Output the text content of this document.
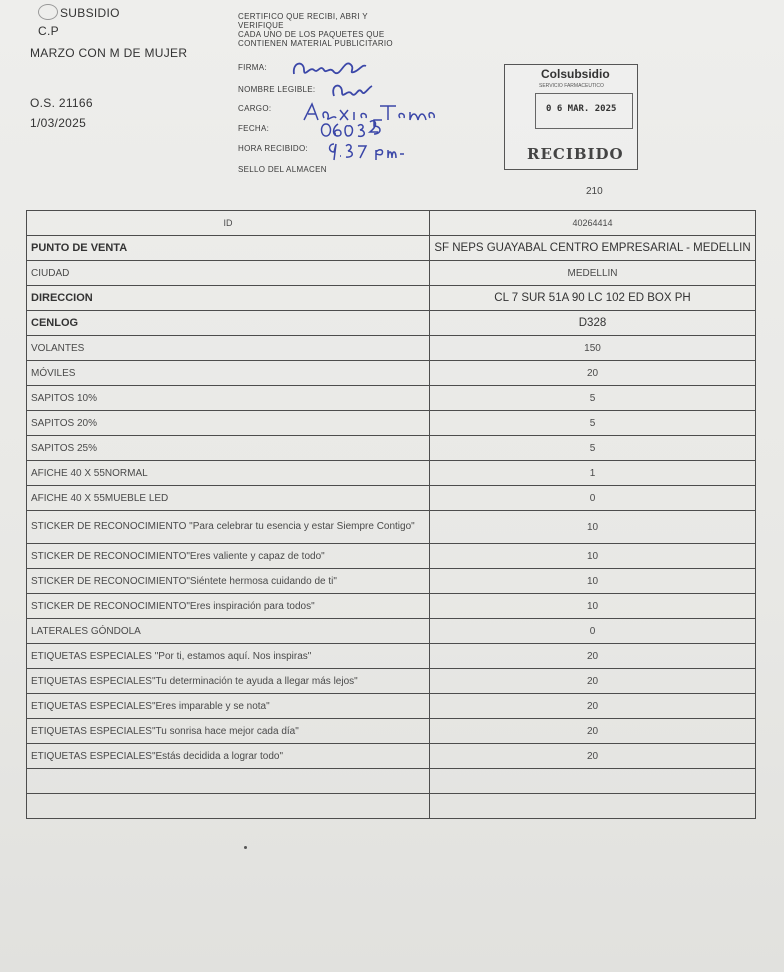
SUBSIDIO
C.P
MARZO CON M DE MUJER
O.S. 21166
1/03/2025
CERTIFICO QUE RECIBI, ABRI Y
VERIFIQUE
CADA UNO DE LOS PAQUETES QUE
CONTIENEN MATERIAL PUBLICITARIO
FIRMA:
NOMBRE LEGIBLE:
CARGO:
FECHA:
HORA RECIBIDO:
SELLO DEL ALMACEN
Colsubsidio
SERVICIO FARMACEUTICO
0 6 MAR. 2025
RECIBIDO
210
ID	40264414
PUNTO DE VENTA	SF NEPS GUAYABAL CENTRO EMPRESARIAL - MEDELLIN
CIUDAD	MEDELLIN
DIRECCION	CL 7 SUR 51A 90 LC 102 ED BOX PH
CENLOG	D328
VOLANTES	150
MÓVILES	20
SAPITOS 10%	5
SAPITOS 20%	5
SAPITOS 25%	5
AFICHE 40 X 55NORMAL	1
AFICHE 40 X 55MUEBLE LED	0
STICKER DE RECONOCIMIENTO "Para celebrar tu esencia y estar Siempre Contigo"	10
STICKER DE RECONOCIMIENTO"Eres valiente y capaz de todo"	10
STICKER DE RECONOCIMIENTO"Siéntete hermosa cuidando de ti"	10
STICKER DE RECONOCIMIENTO"Eres inspiración para todos"	10
LATERALES GÓNDOLA	0
ETIQUETAS ESPECIALES "Por ti, estamos aquí. Nos inspiras"	20
ETIQUETAS ESPECIALES"Tu determinación te ayuda a llegar más lejos"	20
ETIQUETAS ESPECIALES"Eres imparable y se nota"	20
ETIQUETAS ESPECIALES"Tu sonrisa hace mejor cada día"	20
ETIQUETAS ESPECIALES"Estás decidida a lograr todo"	20
